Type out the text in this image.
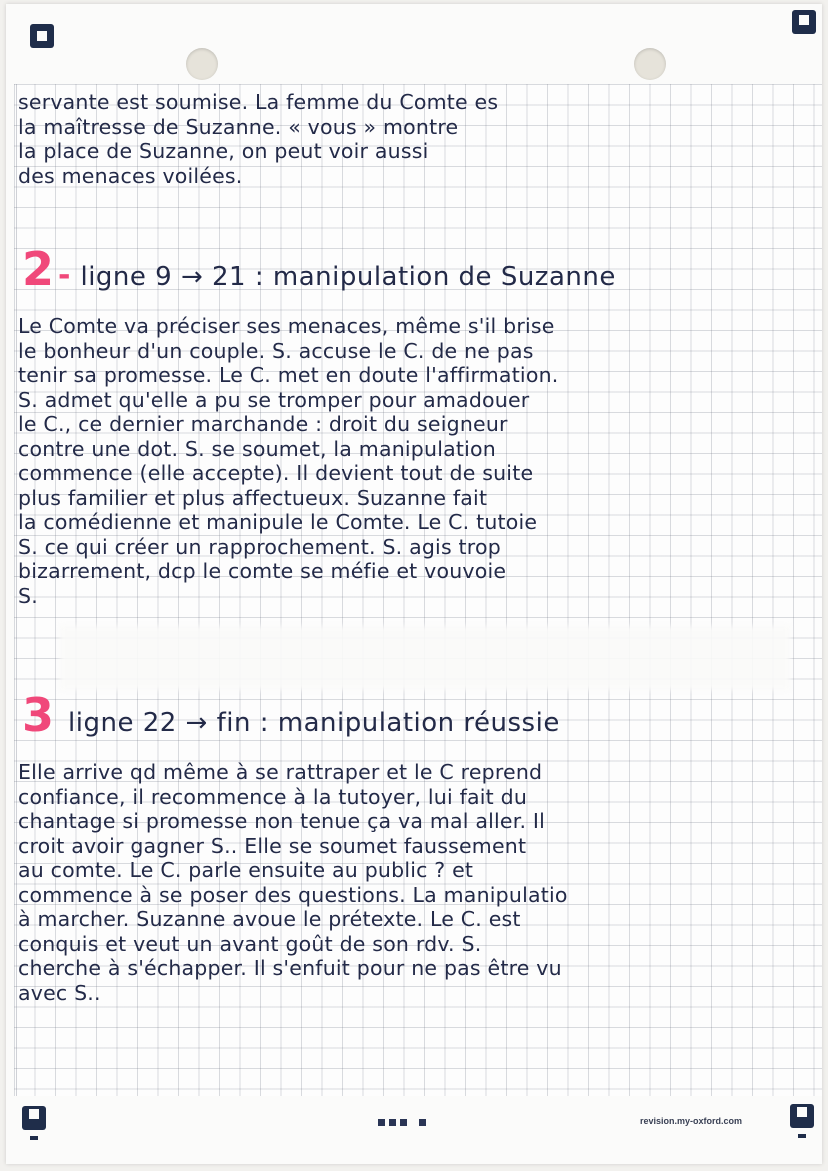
servante est soumise. La femme du Comte es
la maîtresse de Suzanne. « vous » montre
la place de Suzanne, on peut voir aussi
des menaces voilées.
2 - ligne 9 → 21 : manipulation de Suzanne
Le Comte va préciser ses menaces, même s'il brise
le bonheur d'un couple. S. accuse le C. de ne pas
tenir sa promesse. Le C. met en doute l'affirmation.
S. admet qu'elle a pu se tromper pour amadouer
le C., ce dernier marchande : droit du seigneur
contre une dot. S. se soumet, la manipulation
commence (elle accepte). Il devient tout de suite
plus familier et plus affectueux. Suzanne fait
la comédienne et manipule le Comte. Le C. tutoie
S. ce qui créer un rapprochement. S. agis trop
bizarrement, dcp le comte se méfie et vouvoie
S.
3 ligne 22 → fin : manipulation réussie
Elle arrive qd même à se rattraper et le C reprend
confiance, il recommence à la tutoyer, lui fait du
chantage si promesse non tenue ça va mal aller. Il
croit avoir gagner S.. Elle se soumet faussement
au comte. Le C. parle ensuite au public ? et
commence à se poser des questions. La manipulatio
à marcher. Suzanne avoue le prétexte. Le C. est
conquis et veut un avant goût de son rdv. S.
cherche à s'échapper. Il s'enfuit pour ne pas être vu
avec S..
revision.my-oxford.com
